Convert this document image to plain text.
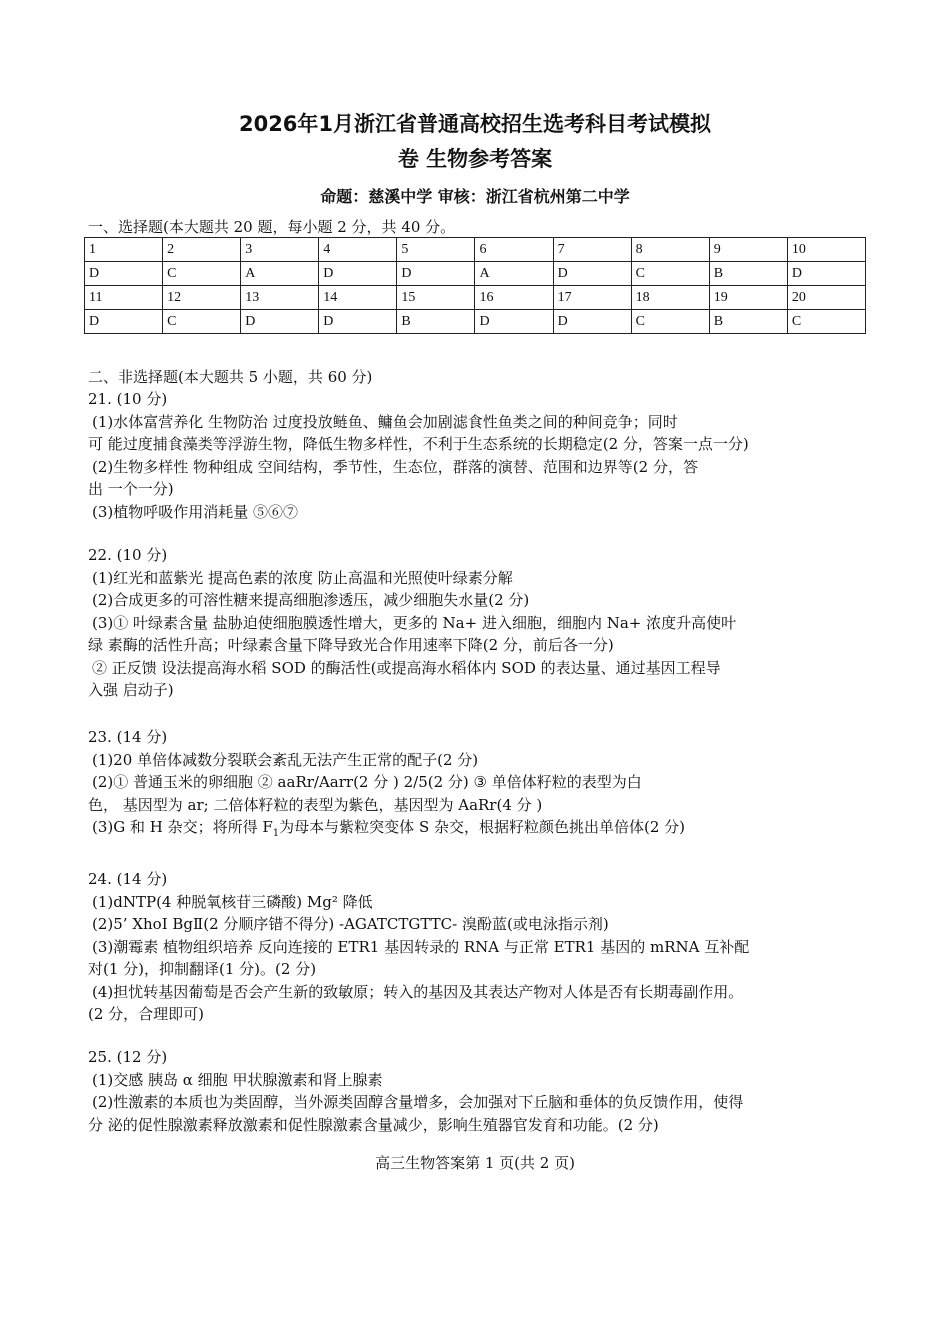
2026年1月浙江省普通高校招生选考科目考试模拟
卷 生物参考答案
命题：慈溪中学 审核：浙江省杭州第二中学
一、选择题(本大题共 20 题，每小题 2 分，共 40 分。
1	2	3	4	5	6	7	8	9	10
D	C	A	D	D	A	D	C	B	D
11	12	13	14	15	16	17	18	19	20
D	C	D	D	B	D	D	C	B	C
二、非选择题(本大题共 5 小题，共 60 分)

21. (10 分)

(1)水体富营养化 生物防治 过度投放鲢鱼、鳙鱼会加剧滤食性鱼类之间的种间竞争；同时

可 能过度捕食藻类等浮游生物，降低生物多样性，不利于生态系统的长期稳定(2 分，答案一点一分)

(2)生物多样性 物种组成 空间结构，季节性，生态位，群落的演替、范围和边界等(2 分，答

出 一个一分)

(3)植物呼吸作用消耗量 ⑤⑥⑦

22. (10 分)

(1)红光和蓝紫光 提高色素的浓度 防止高温和光照使叶绿素分解

(2)合成更多的可溶性糖来提高细胞渗透压，减少细胞失水量(2 分)

(3)① 叶绿素含量 盐胁迫使细胞膜透性增大，更多的 Na+ 进入细胞，细胞内 Na+ 浓度升高使叶

绿 素酶的活性升高；叶绿素含量下降导致光合作用速率下降(2 分，前后各一分)

② 正反馈 设法提高海水稻 SOD 的酶活性(或提高海水稻体内 SOD 的表达量、通过基因工程导

入强 启动子)

23. (14 分)

(1)20 单倍体减数分裂联会紊乱无法产生正常的配子(2 分)

(2)① 普通玉米的卵细胞 ② aaRr/Aarr(2 分 ) 2/5(2 分) ③ 单倍体籽粒的表型为白

色， 基因型为 ar; 二倍体籽粒的表型为紫色，基因型为 AaRr(4 分 )

(3)G 和 H 杂交；将所得 $F_1$为母本与紫粒突变体 S 杂交，根据籽粒颜色挑出单倍体(2 分)

24. (14 分)

(1)dNTP(4 种脱氧核苷三磷酸) Mg² 降低

(2)5’ XhoI BgⅡ(2 分顺序错不得分) -AGATCTGTTC- 溴酚蓝(或电泳指示剂)

(3)潮霉素 植物组织培养 反向连接的 ETR1 基因转录的 RNA 与正常 ETR1 基因的 mRNA 互补配

对(1 分)，抑制翻译(1 分)。(2 分)

(4)担忧转基因葡萄是否会产生新的致敏原；转入的基因及其表达产物对人体是否有长期毒副作用。

(2 分，合理即可)

25. (12 分)

(1)交感 胰岛 α 细胞 甲状腺激素和肾上腺素

(2)性激素的本质也为类固醇，当外源类固醇含量增多，会加强对下丘脑和垂体的负反馈作用，使得

分 泌的促性腺激素释放激素和促性腺激素含量减少，影响生殖器官发育和功能。(2 分)

高三生物答案第 1 页(共 2 页)
